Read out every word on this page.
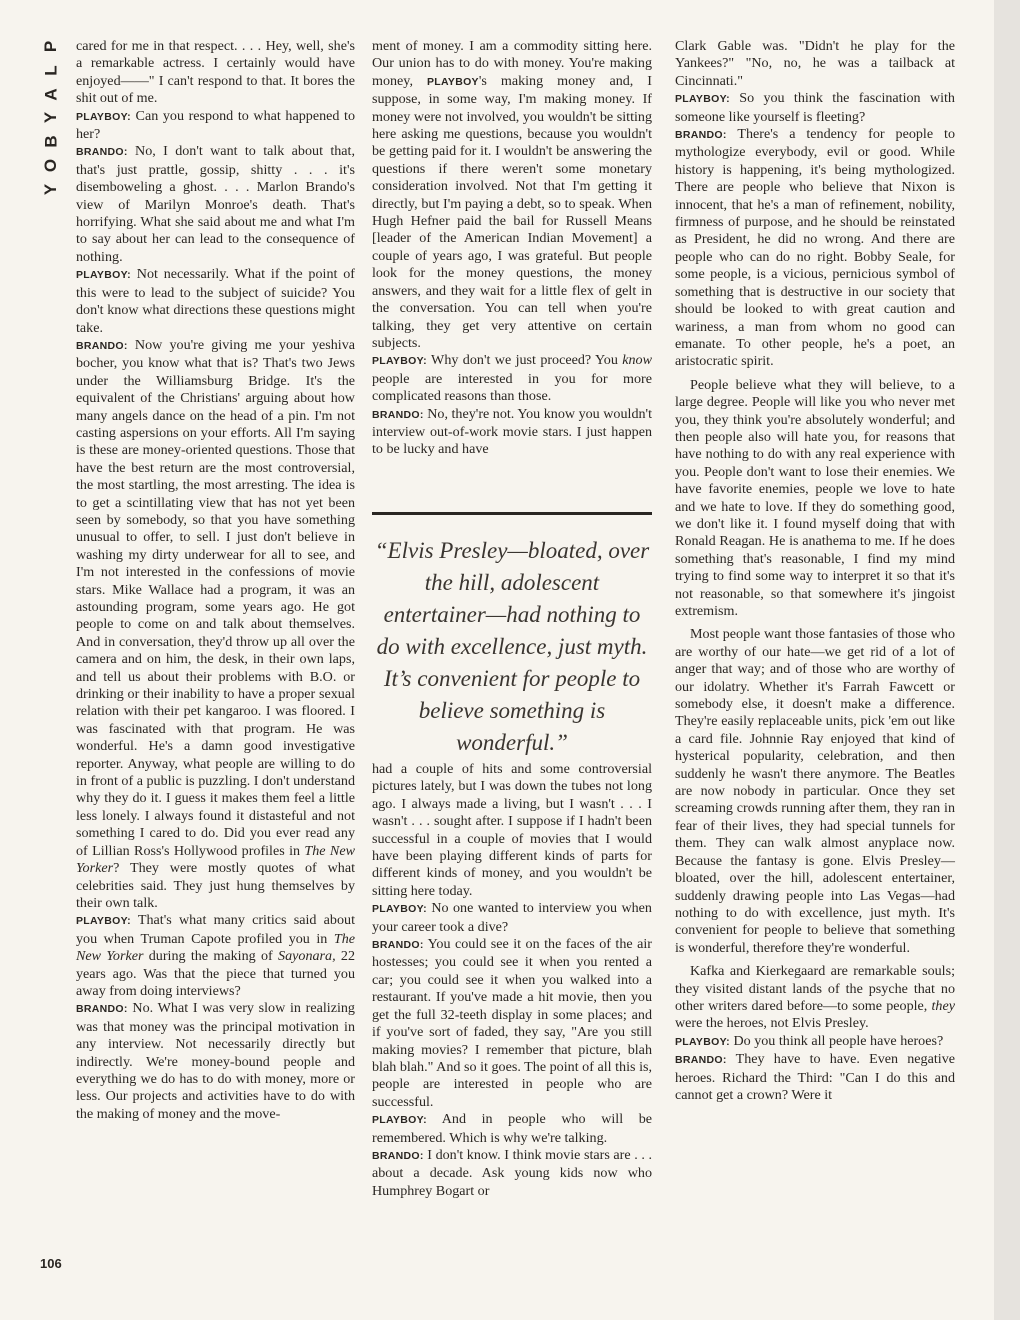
P
L
A
Y
B
O
Y
106

cared for me in that respect. . . . Hey, well, she's a remarkable actress. I certainly would have enjoyed——" I can't respond to that. It bores the shit out of me.

PLAYBOY: Can you respond to what happened to her?

BRANDO: No, I don't want to talk about that, that's just prattle, gossip, shitty . . . it's disemboweling a ghost. . . . Marlon Brando's view of Marilyn Monroe's death. That's horrifying. What she said about me and what I'm to say about her can lead to the consequence of nothing.

PLAYBOY: Not necessarily. What if the point of this were to lead to the subject of suicide? You don't know what directions these questions might take.

BRANDO: Now you're giving me your yeshiva bocher, you know what that is? That's two Jews under the Williamsburg Bridge. It's the equivalent of the Christians' arguing about how many angels dance on the head of a pin. I'm not casting aspersions on your efforts. All I'm saying is these are money-oriented questions. Those that have the best return are the most controversial, the most startling, the most arresting. The idea is to get a scintillating view that has not yet been seen by somebody, so that you have something unusual to offer, to sell. I just don't believe in washing my dirty underwear for all to see, and I'm not interested in the confessions of movie stars. Mike Wallace had a program, it was an astounding program, some years ago. He got people to come on and talk about themselves. And in conversation, they'd throw up all over the camera and on him, the desk, in their own laps, and tell us about their problems with B.O. or drinking or their inability to have a proper sexual relation with their pet kangaroo. I was floored. I was fascinated with that program. He was wonderful. He's a damn good investigative reporter. Anyway, what people are willing to do in front of a public is puzzling. I don't understand why they do it. I guess it makes them feel a little less lonely. I always found it distasteful and not something I cared to do. Did you ever read any of Lillian Ross's Hollywood profiles in The New Yorker? They were mostly quotes of what celebrities said. They just hung themselves by their own talk.

PLAYBOY: That's what many critics said about you when Truman Capote profiled you in The New Yorker during the making of Sayonara, 22 years ago. Was that the piece that turned you away from doing interviews?

BRANDO: No. What I was very slow in realizing was that money was the principal motivation in any interview. Not necessarily directly but indirectly. We're money-bound people and everything we do has to do with money, more or less. Our projects and activities have to do with the making of money and the move-

ment of money. I am a commodity sitting here. Our union has to do with money. You're making money, PLAYBOY's making money and, I suppose, in some way, I'm making money. If money were not involved, you wouldn't be sitting here asking me questions, because you wouldn't be getting paid for it. I wouldn't be answering the questions if there weren't some monetary consideration involved. Not that I'm getting it directly, but I'm paying a debt, so to speak. When Hugh Hefner paid the bail for Russell Means [leader of the American Indian Movement] a couple of years ago, I was grateful. But people look for the money questions, the money answers, and they wait for a little flex of gelt in the conversation. You can tell when you're talking, they get very attentive on certain subjects.

PLAYBOY: Why don't we just proceed? You know people are interested in you for more complicated reasons than those.

BRANDO: No, they're not. You know you wouldn't interview out-of-work movie stars. I just happen to be lucky and have

“Elvis Presley—bloated, over the hill, adolescent entertainer—had nothing to do with excellence, just myth. It’s convenient for people to believe something is wonderful.”

had a couple of hits and some controversial pictures lately, but I was down the tubes not long ago. I always made a living, but I wasn't . . . I wasn't . . . sought after. I suppose if I hadn't been successful in a couple of movies that I would have been playing different kinds of parts for different kinds of money, and you wouldn't be sitting here today.

PLAYBOY: No one wanted to interview you when your career took a dive?

BRANDO: You could see it on the faces of the air hostesses; you could see it when you rented a car; you could see it when you walked into a restaurant. If you've made a hit movie, then you get the full 32-teeth display in some places; and if you've sort of faded, they say, "Are you still making movies? I remember that picture, blah blah blah." And so it goes. The point of all this is, people are interested in people who are successful.

PLAYBOY: And in people who will be remembered. Which is why we're talking.

BRANDO: I don't know. I think movie stars are . . . about a decade. Ask young kids now who Humphrey Bogart or

Clark Gable was. "Didn't he play for the Yankees?" "No, no, he was a tailback at Cincinnati."

PLAYBOY: So you think the fascination with someone like yourself is fleeting?

BRANDO: There's a tendency for people to mythologize everybody, evil or good. While history is happening, it's being mythologized. There are people who believe that Nixon is innocent, that he's a man of refinement, nobility, firmness of purpose, and he should be reinstated as President, he did no wrong. And there are people who can do no right. Bobby Seale, for some people, is a vicious, pernicious symbol of something that is destructive in our society that should be looked to with great caution and wariness, a man from whom no good can emanate. To other people, he's a poet, an aristocratic spirit.

People believe what they will believe, to a large degree. People will like you who never met you, they think you're absolutely wonderful; and then people also will hate you, for reasons that have nothing to do with any real experience with you. People don't want to lose their enemies. We have favorite enemies, people we love to hate and we hate to love. If they do something good, we don't like it. I found myself doing that with Ronald Reagan. He is anathema to me. If he does something that's reasonable, I find my mind trying to find some way to interpret it so that it's not reasonable, so that somewhere it's jingoist extremism.

Most people want those fantasies of those who are worthy of our hate—we get rid of a lot of anger that way; and of those who are worthy of our idolatry. Whether it's Farrah Fawcett or somebody else, it doesn't make a difference. They're easily replaceable units, pick 'em out like a card file. Johnnie Ray enjoyed that kind of hysterical popularity, celebration, and then suddenly he wasn't there anymore. The Beatles are now nobody in particular. Once they set screaming crowds running after them, they ran in fear of their lives, they had special tunnels for them. They can walk almost anyplace now. Because the fantasy is gone. Elvis Presley—bloated, over the hill, adolescent entertainer, suddenly drawing people into Las Vegas—had nothing to do with excellence, just myth. It's convenient for people to believe that something is wonderful, therefore they're wonderful.

Kafka and Kierkegaard are remarkable souls; they visited distant lands of the psyche that no other writers dared before—to some people, they were the heroes, not Elvis Presley.

PLAYBOY: Do you think all people have heroes?

BRANDO: They have to have. Even negative heroes. Richard the Third: "Can I do this and cannot get a crown? Were it
